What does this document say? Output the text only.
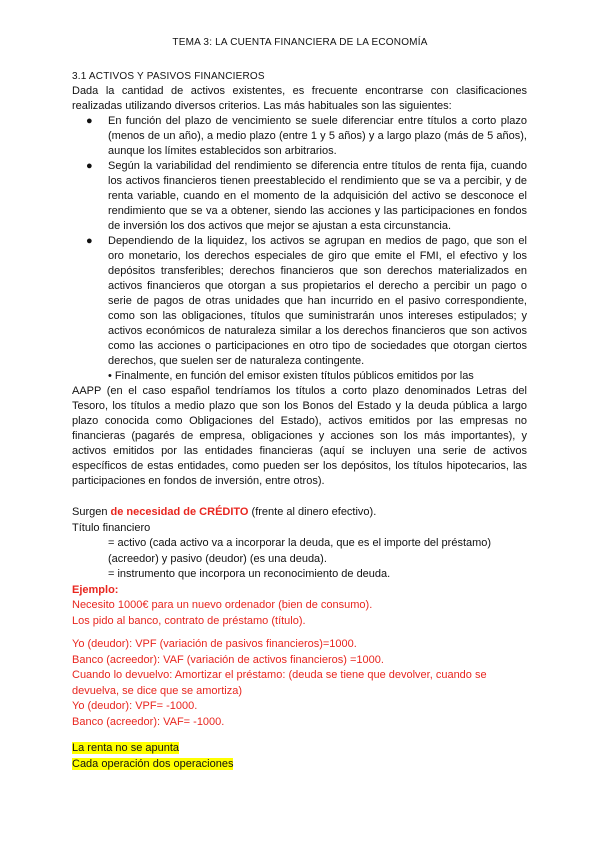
TEMA 3: LA CUENTA FINANCIERA DE LA ECONOMÍA
3.1 ACTIVOS Y PASIVOS FINANCIEROS
Dada la cantidad de activos existentes, es frecuente encontrarse con clasificaciones realizadas utilizando diversos criterios. Las más habituales son las siguientes:
● En función del plazo de vencimiento se suele diferenciar entre títulos a corto plazo (menos de un año), a medio plazo (entre 1 y 5 años) y a largo plazo (más de 5 años), aunque los límites establecidos son arbitrarios.
● Según la variabilidad del rendimiento se diferencia entre títulos de renta fija, cuando los activos financieros tienen preestablecido el rendimiento que se va a percibir, y de renta variable, cuando en el momento de la adquisición del activo se desconoce el rendimiento que se va a obtener, siendo las acciones y las participaciones en fondos de inversión los dos activos que mejor se ajustan a esta circunstancia.
● Dependiendo de la liquidez, los activos se agrupan en medios de pago, que son el oro monetario, los derechos especiales de giro que emite el FMI, el efectivo y los depósitos transferibles; derechos financieros que son derechos materializados en activos financieros que otorgan a sus propietarios el derecho a percibir un pago o serie de pagos de otras unidades que han incurrido en el pasivo correspondiente, como son las obligaciones, títulos que suministrarán unos intereses estipulados; y activos económicos de naturaleza similar a los derechos financieros que son activos como las acciones o participaciones en otro tipo de sociedades que otorgan ciertos derechos, que suelen ser de naturaleza contingente.
• Finalmente, en función del emisor existen títulos públicos emitidos por las
AAPP (en el caso español tendríamos los títulos a corto plazo denominados Letras del Tesoro, los títulos a medio plazo que son los Bonos del Estado y la deuda pública a largo plazo conocida como Obligaciones del Estado), activos emitidos por las empresas no financieras (pagarés de empresa, obligaciones y acciones son los más importantes), y activos emitidos por las entidades financieras (aquí se incluyen una serie de activos específicos de estas entidades, como pueden ser los depósitos, los títulos hipotecarios, las participaciones en fondos de inversión, entre otros).
Surgen de necesidad de CRÉDITO (frente al dinero efectivo).
Título financiero
= activo (cada activo va a incorporar la deuda, que es el importe del préstamo) (acreedor) y pasivo (deudor) (es una deuda).
= instrumento que incorpora un reconocimiento de deuda.
Ejemplo:
Necesito 1000€ para un nuevo ordenador (bien de consumo).
Los pido al banco, contrato de préstamo (título).
Yo (deudor): VPF (variación de pasivos financieros)=1000.
Banco (acreedor): VAF (variación de activos financieros) =1000.
Cuando lo devuelvo: Amortizar el préstamo: (deuda se tiene que devolver, cuando se devuelva, se dice que se amortiza)
Yo (deudor): VPF= -1000.
Banco (acreedor): VAF= -1000.
La renta no se apunta
Cada operación dos operaciones
